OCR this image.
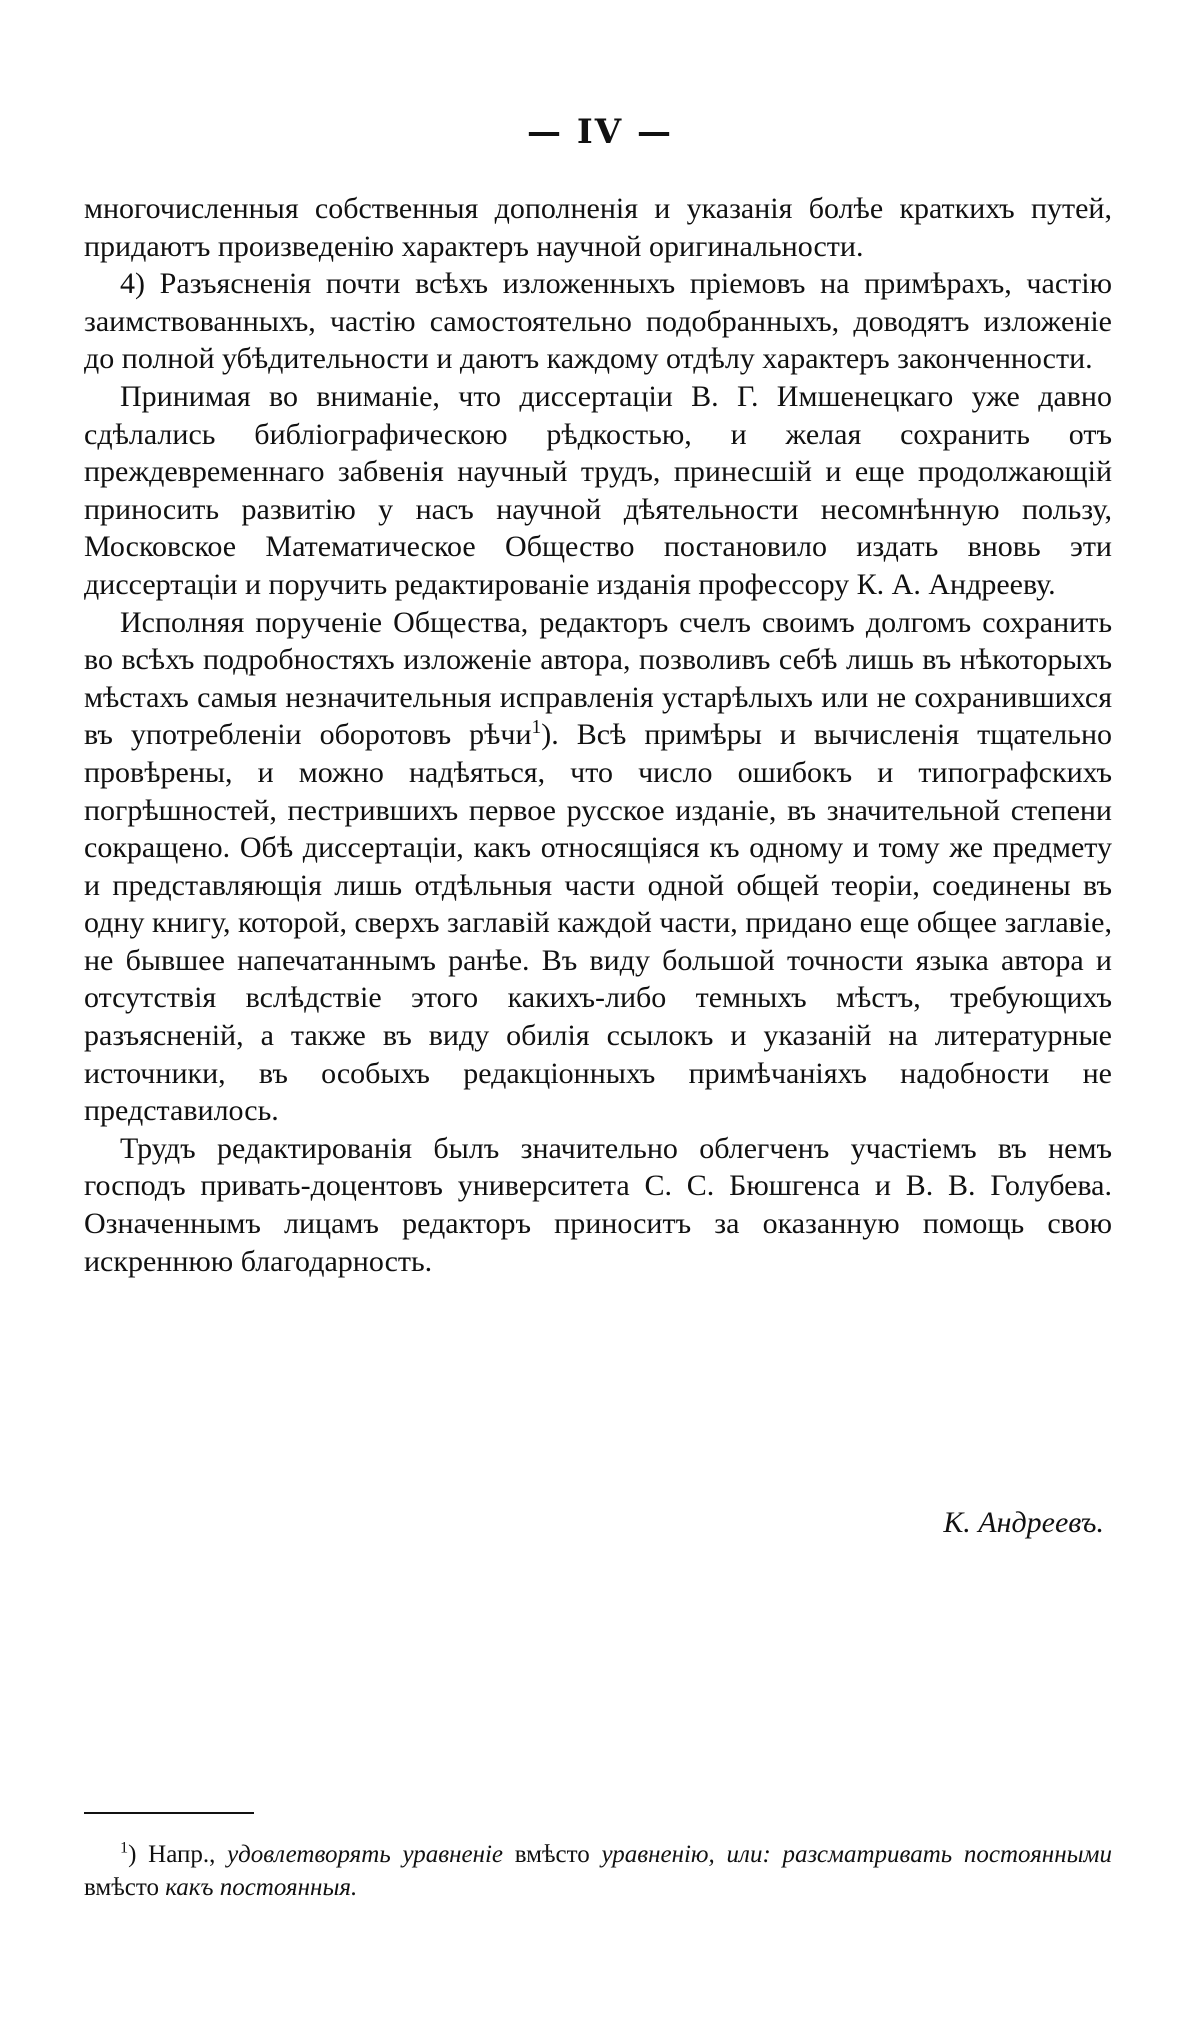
— IV —

многочисленныя собственныя дополненія и указанія болѣе краткихъ путей, придаютъ произведенію характеръ научной оригинальности.

4) Разъясненія почти всѣхъ изложенныхъ пріемовъ на примѣрахъ, частію заимствованныхъ, частію самостоятельно подобранныхъ, доводятъ изложеніе до полной убѣдительности и даютъ каждому отдѣлу характеръ законченности.

Принимая во вниманіе, что диссертаціи В. Г. Имшенецкаго уже давно сдѣлались библіографическою рѣдкостью, и желая сохранить отъ преждевременнаго забвенія научный трудъ, принесшій и еще продолжающій приносить развитію у насъ научной дѣятельности несомнѣнную пользу, Московское Математическое Общество постановило издать вновь эти диссертаціи и поручить редактированіе изданія профессору К. А. Андрееву.

Исполняя порученіе Общества, редакторъ счелъ своимъ долгомъ сохранить во всѣхъ подробностяхъ изложеніе автора, позволивъ себѣ лишь въ нѣкоторыхъ мѣстахъ самыя незначительныя исправленія устарѣлыхъ или не сохранившихся въ употребленіи оборотовъ рѣчи$^1$). Всѣ примѣры и вычисленія тщательно провѣрены, и можно надѣяться, что число ошибокъ и типографскихъ погрѣшностей, пестрившихъ первое русское изданіе, въ значительной степени сокращено. Обѣ диссертаціи, какъ относящіяся къ одному и тому же предмету и представляющія лишь отдѣльныя части одной общей теоріи, соединены въ одну книгу, которой, сверхъ заглавій каждой части, придано еще общее заглавіе, не бывшее напечатаннымъ ранѣе. Въ виду большой точности языка автора и отсутствія вслѣдствіе этого какихъ-либо темныхъ мѣстъ, требующихъ разъясненій, а также въ виду обилія ссылокъ и указаній на литературные источники, въ особыхъ редакціонныхъ примѣчаніяхъ надобности не представилось.

Трудъ редактированія былъ значительно облегченъ участіемъ въ немъ господъ привать-доцентовъ университета С. С. Бюшгенса и В. В. Голубева. Означеннымъ лицамъ редакторъ приноситъ за оказанную помощь свою искреннюю благодарность.

К. Андреевъ.
$^1$) Напр., удовлетворять уравненіе вмѣсто уравненію, или: разсматривать постоянными вмѣсто какъ постоянныя.
